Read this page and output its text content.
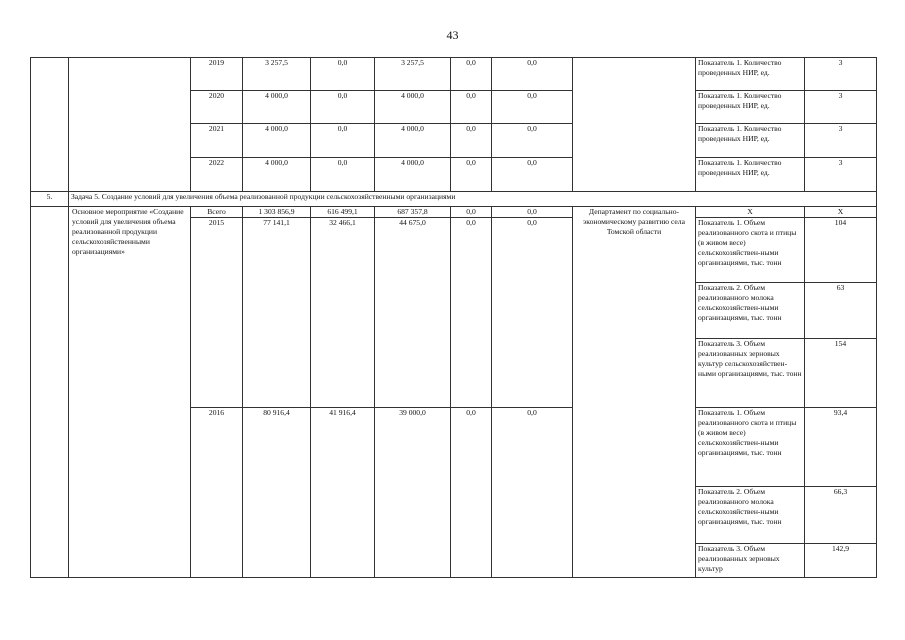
43
		2019	3 257,5	0,0	3 257,5	0,0	0,0		Показатель 1. Количество проведенных НИР, ед.	3
		2020	4 000,0	0,0	4 000,0	0,0	0,0		Показатель 1. Количество проведенных НИР, ед.	3
		2021	4 000,0	0,0	4 000,0	0,0	0,0		Показатель 1. Количество проведенных НИР, ед.	3
		2022	4 000,0	0,0	4 000,0	0,0	0,0		Показатель 1. Количество проведенных НИР, ед.	3
5.	Задача 5. Создание условий для увеличения объема реализованной продукции сельскохозяйственными организациями									
	Основное мероприятие «Создание условий для увеличения объема реализованной продукции сельскохозяйственными организациями»	Всего	1 303 856,9	616 499,1	687 357,8	0,0	0,0	Департамент по социально-экономическому развитию села Томской области	X	X
		2015	77 141,1	32 466,1	44 675,0	0,0	0,0		Показатель 1. Объем реализованного скота и птицы (в живом весе) сельскохозяйствен-ными организациями, тыс. тонн	104
									Показатель 2. Объем реализованного молока сельскохозяйствен-ными организациями, тыс. тонн	63
									Показатель 3. Объем реализованных зерновых культур сельскохозяйствен-ными организациями, тыс. тонн	154
		2016	80 916,4	41 916,4	39 000,0	0,0	0,0		Показатель 1. Объем реализованного скота и птицы (в живом весе) сельскохозяйствен-ными организациями, тыс. тонн	93,4
									Показатель 2. Объем реализованного молока сельскохозяйствен-ными организациями, тыс. тонн	66,3
									Показатель 3. Объем реализованных зерновых культур	142,9
